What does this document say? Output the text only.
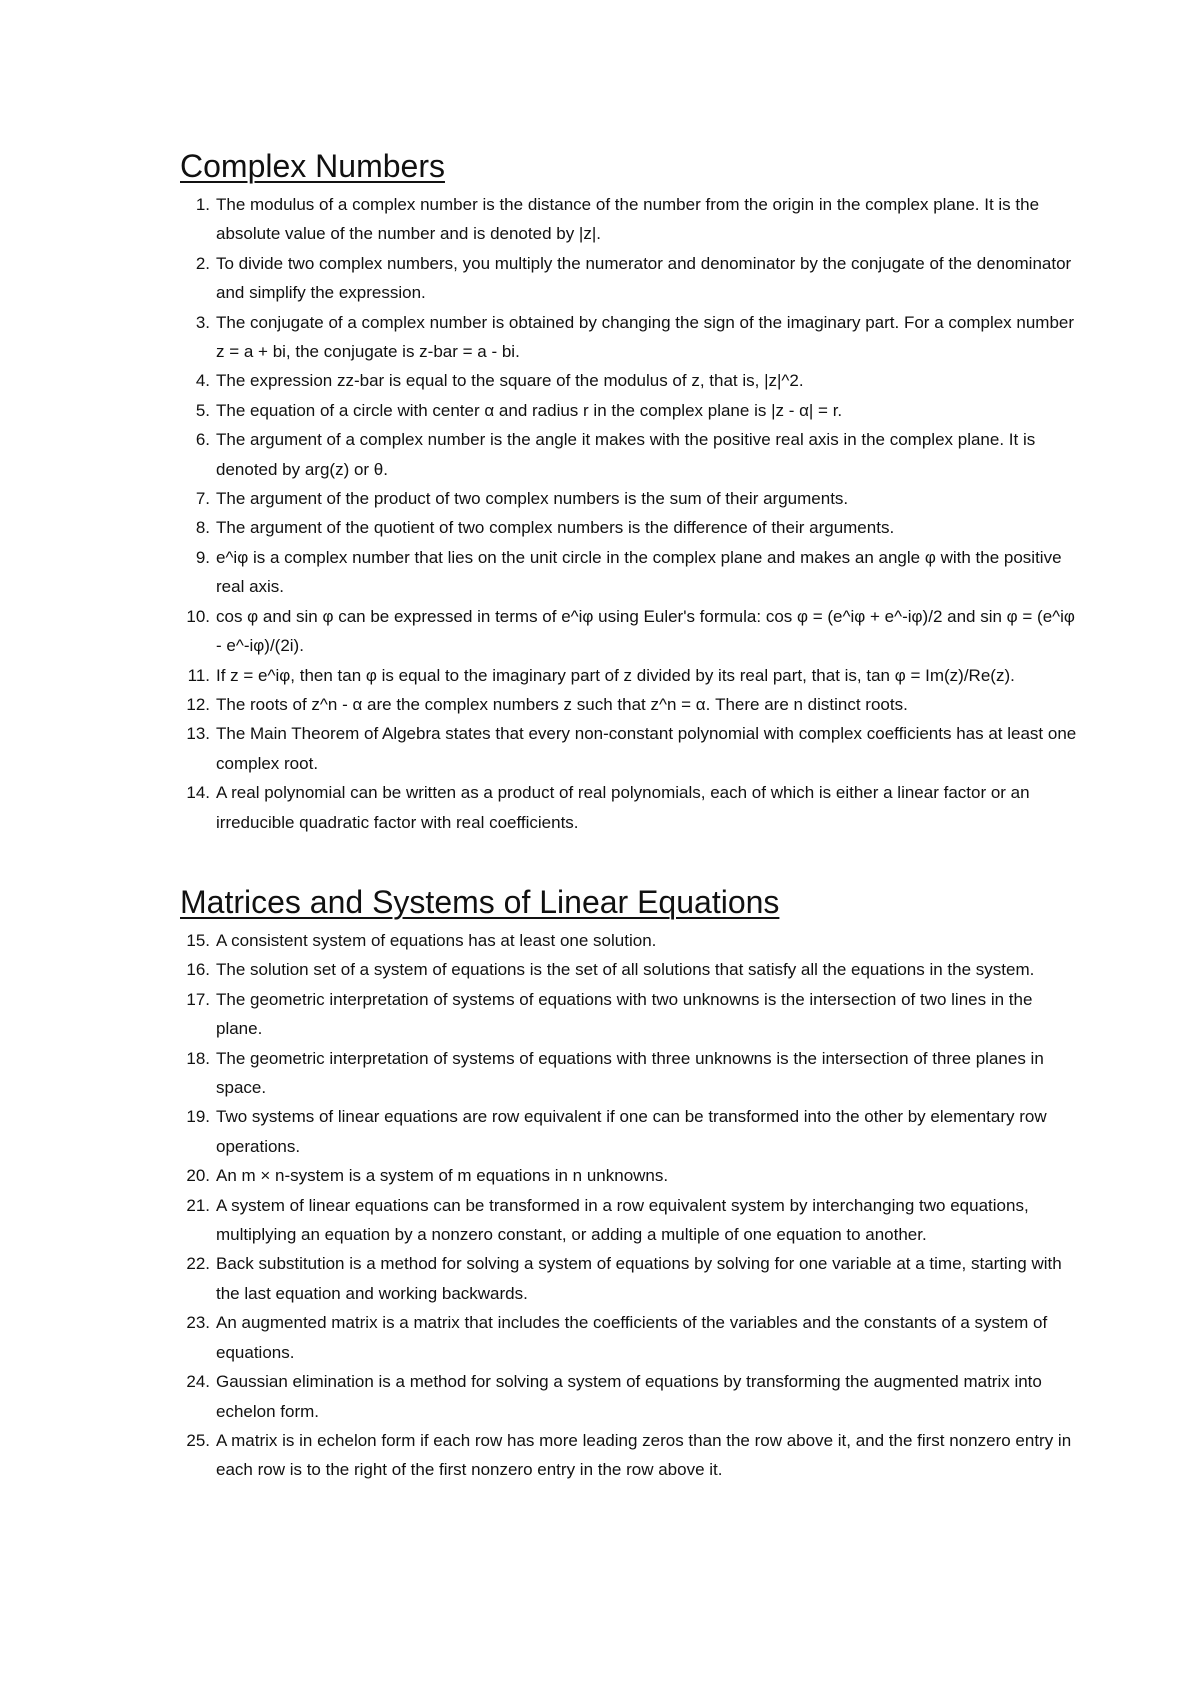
Complex Numbers
1. The modulus of a complex number is the distance of the number from the origin in the complex plane. It is the absolute value of the number and is denoted by |z|.
2. To divide two complex numbers, you multiply the numerator and denominator by the conjugate of the denominator and simplify the expression.
3. The conjugate of a complex number is obtained by changing the sign of the imaginary part. For a complex number z = a + bi, the conjugate is z-bar = a - bi.
4. The expression zz-bar is equal to the square of the modulus of z, that is, |z|^2.
5. The equation of a circle with center α and radius r in the complex plane is |z - α| = r.
6. The argument of a complex number is the angle it makes with the positive real axis in the complex plane. It is denoted by arg(z) or θ.
7. The argument of the product of two complex numbers is the sum of their arguments.
8. The argument of the quotient of two complex numbers is the difference of their arguments.
9. e^iφ is a complex number that lies on the unit circle in the complex plane and makes an angle φ with the positive real axis.
10. cos φ and sin φ can be expressed in terms of e^iφ using Euler's formula: cos φ = (e^iφ + e^-iφ)/2 and sin φ = (e^iφ - e^-iφ)/(2i).
11. If z = e^iφ, then tan φ is equal to the imaginary part of z divided by its real part, that is, tan φ = Im(z)/Re(z).
12. The roots of z^n - α are the complex numbers z such that z^n = α. There are n distinct roots.
13. The Main Theorem of Algebra states that every non-constant polynomial with complex coefficients has at least one complex root.
14. A real polynomial can be written as a product of real polynomials, each of which is either a linear factor or an irreducible quadratic factor with real coefficients.
Matrices and Systems of Linear Equations
15. A consistent system of equations has at least one solution.
16. The solution set of a system of equations is the set of all solutions that satisfy all the equations in the system.
17. The geometric interpretation of systems of equations with two unknowns is the intersection of two lines in the plane.
18. The geometric interpretation of systems of equations with three unknowns is the intersection of three planes in space.
19. Two systems of linear equations are row equivalent if one can be transformed into the other by elementary row operations.
20. An m × n-system is a system of m equations in n unknowns.
21. A system of linear equations can be transformed in a row equivalent system by interchanging two equations, multiplying an equation by a nonzero constant, or adding a multiple of one equation to another.
22. Back substitution is a method for solving a system of equations by solving for one variable at a time, starting with the last equation and working backwards.
23. An augmented matrix is a matrix that includes the coefficients of the variables and the constants of a system of equations.
24. Gaussian elimination is a method for solving a system of equations by transforming the augmented matrix into echelon form.
25. A matrix is in echelon form if each row has more leading zeros than the row above it, and the first nonzero entry in each row is to the right of the first nonzero entry in the row above it.
